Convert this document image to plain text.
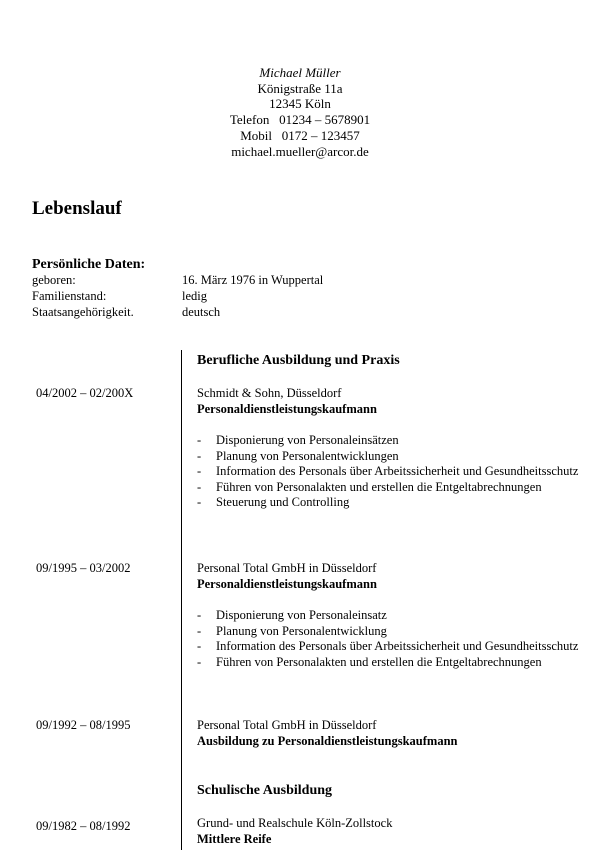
Michael Müller
Königstraße 11a
12345 Köln
Telefon   01234 – 5678901
Mobil   0172 – 123457
michael.mueller@arcor.de
Lebenslauf
Persönliche Daten:
geboren:	16. März 1976 in Wuppertal
Familienstand:	ledig
Staatsangehörigkeit.	deutsch
Berufliche Ausbildung und Praxis
04/2002 – 02/200X	Schmidt & Sohn, Düsseldorf
Personaldienstleistungskaufmann
- Disponierung von Personaleinsätzen
- Planung von Personalentwicklungen
- Information des Personals über Arbeitssicherheit und Gesundheitsschutz
- Führen von Personalakten und erstellen die Entgeltabrechnungen
- Steuerung und Controlling
09/1995 – 03/2002	Personal Total GmbH in Düsseldorf
Personaldienstleistungskaufmann
- Disponierung von Personaleinsatz
- Planung von Personalentwicklung
- Information des Personals über Arbeitssicherheit und Gesundheitsschutz
- Führen von Personalakten und erstellen die Entgeltabrechnungen
09/1992 – 08/1995	Personal Total GmbH in Düsseldorf
Ausbildung zu Personaldienstleistungskaufmann
Schulische Ausbildung
09/1982 – 08/1992	Grund- und Realschule Köln-Zollstock
Mittlere Reife
